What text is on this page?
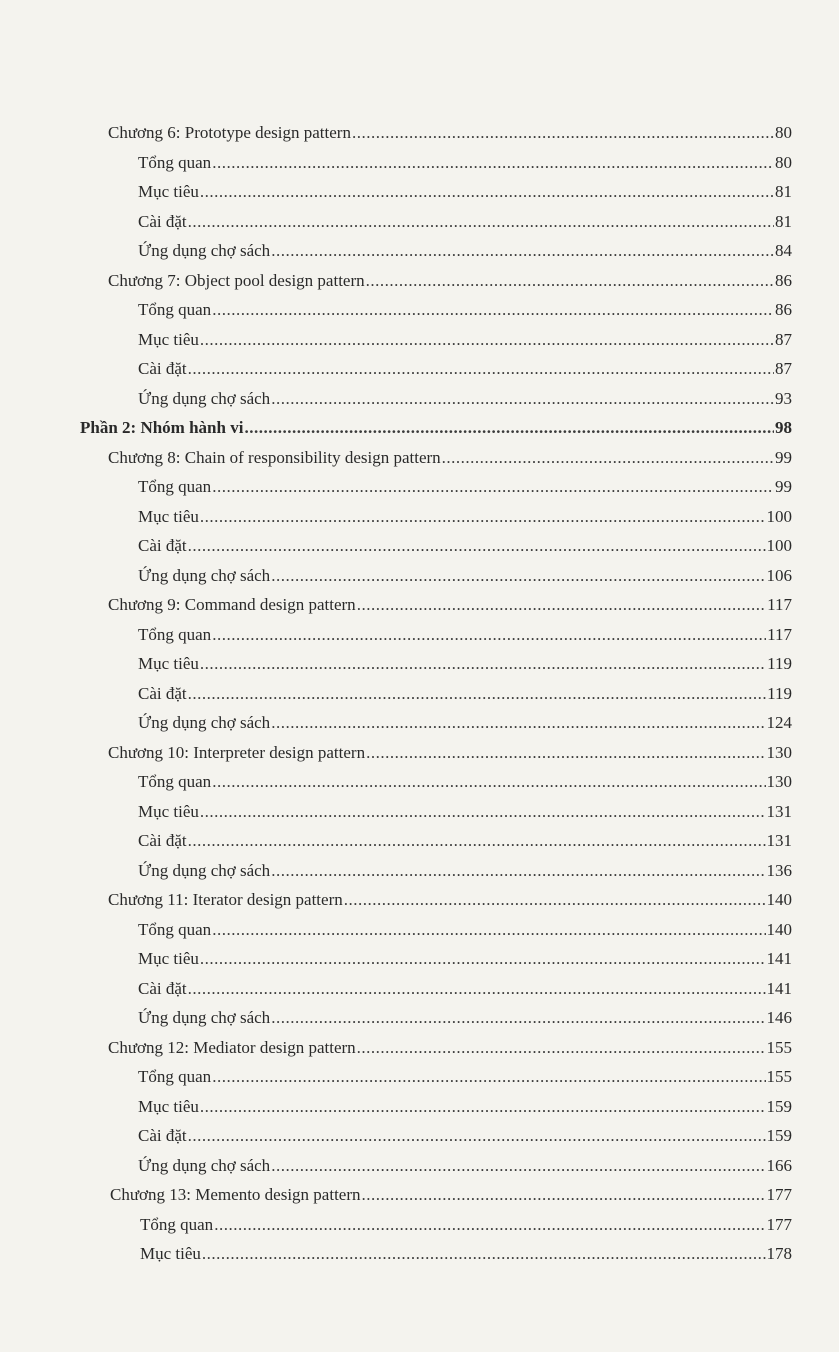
Chương 6: Prototype design pattern .....	80
Tổng quan .....	80
Mục tiêu .....	81
Cài đặt .....	81
Ứng dụng chợ sách .....	84
Chương 7: Object pool design pattern .....	86
Tổng quan .....	86
Mục tiêu .....	87
Cài đặt .....	87
Ứng dụng chợ sách .....	93
Phần 2: Nhóm hành vi .....	98
Chương 8: Chain of responsibility design pattern .....	99
Tổng quan .....	99
Mục tiêu .....	100
Cài đặt .....	100
Ứng dụng chợ sách .....	106
Chương 9: Command design pattern .....	117
Tổng quan .....	117
Mục tiêu .....	119
Cài đặt .....	119
Ứng dụng chợ sách .....	124
Chương 10: Interpreter design pattern .....	130
Tổng quan .....	130
Mục tiêu .....	131
Cài đặt .....	131
Ứng dụng chợ sách .....	136
Chương 11: Iterator design pattern .....	140
Tổng quan .....	140
Mục tiêu .....	141
Cài đặt .....	141
Ứng dụng chợ sách .....	146
Chương 12: Mediator design pattern .....	155
Tổng quan .....	155
Mục tiêu .....	159
Cài đặt .....	159
Ứng dụng chợ sách .....	166
Chương 13: Memento design pattern .....	177
Tổng quan .....	177
Mục tiêu .....	178
